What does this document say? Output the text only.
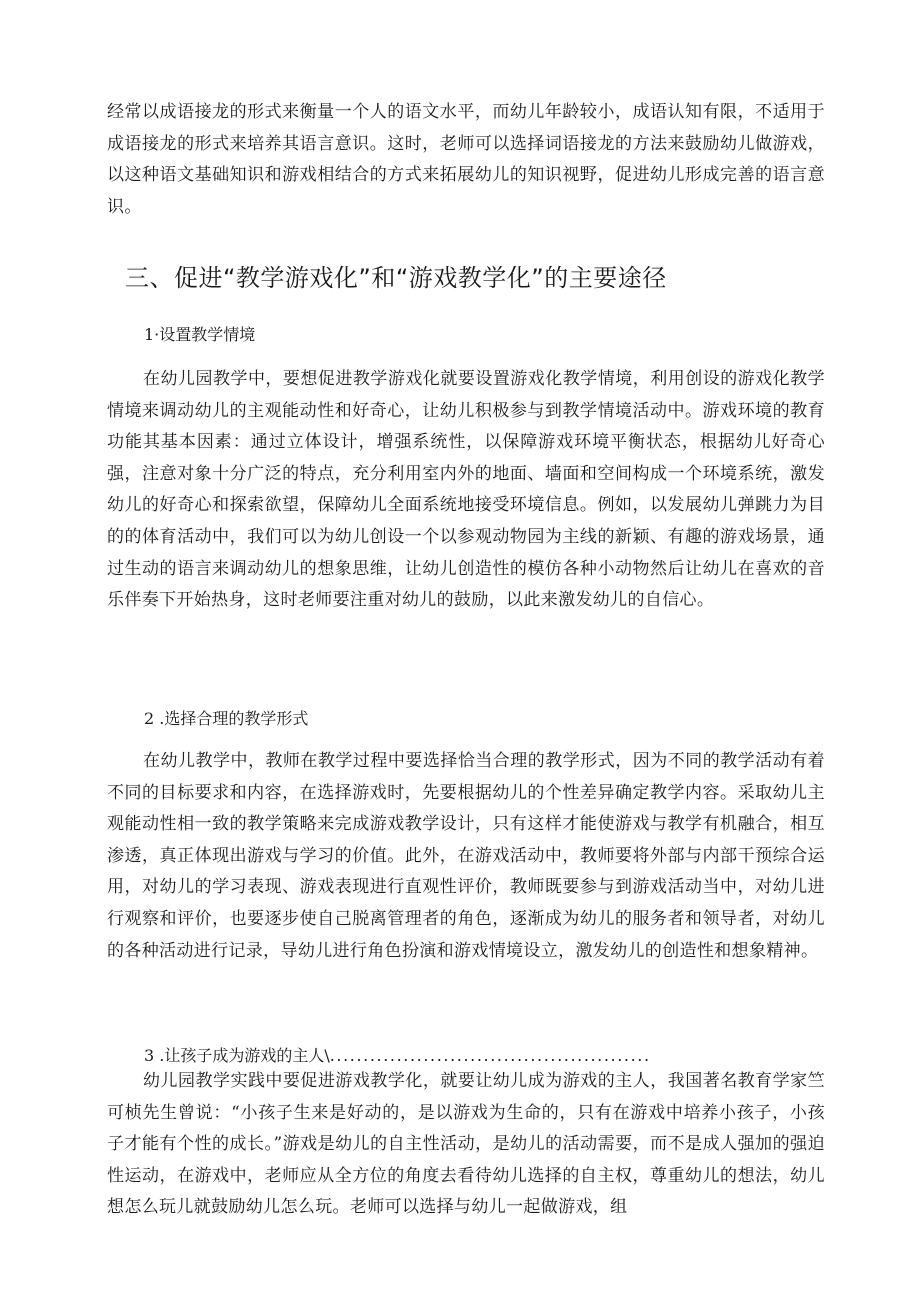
经常以成语接龙的形式来衡量一个人的语文水平，而幼儿年龄较小，成语认知有限，不适用于成语接龙的形式来培养其语言意识。这时，老师可以选择词语接龙的方法来鼓励幼儿做游戏，以这种语文基础知识和游戏相结合的方式来拓展幼儿的知识视野，促进幼儿形成完善的语言意识。

三、促进“教学游戏化”和“游戏教学化”的主要途径

1·设置教学情境

在幼儿园教学中，要想促进教学游戏化就要设置游戏化教学情境，利用创设的游戏化教学情境来调动幼儿的主观能动性和好奇心，让幼儿积极参与到教学情境活动中。游戏环境的教育功能其基本因素：通过立体设计，增强系统性，以保障游戏环境平衡状态，根据幼儿好奇心强，注意对象十分广泛的特点，充分利用室内外的地面、墙面和空间构成一个环境系统，激发幼儿的好奇心和探索欲望，保障幼儿全面系统地接受环境信息。例如，以发展幼儿弹跳力为目的的体育活动中，我们可以为幼儿创设一个以参观动物园为主线的新颖、有趣的游戏场景，通过生动的语言来调动幼儿的想象思维，让幼儿创造性的模仿各种小动物然后让幼儿在喜欢的音乐伴奏下开始热身，这时老师要注重对幼儿的鼓励，以此来激发幼儿的自信心。

2 .选择合理的教学形式

在幼儿教学中，教师在教学过程中要选择恰当合理的教学形式，因为不同的教学活动有着不同的目标要求和内容，在选择游戏时，先要根据幼儿的个性差异确定教学内容。采取幼儿主观能动性相一致的教学策略来完成游戏教学设计，只有这样才能使游戏与教学有机融合，相互渗透，真正体现出游戏与学习的价值。此外，在游戏活动中，教师要将外部与内部干预综合运用，对幼儿的学习表现、游戏表现进行直观性评价，教师既要参与到游戏活动当中，对幼儿进行观察和评价，也要逐步使自己脱离管理者的角色，逐渐成为幼儿的服务者和领导者，对幼儿的各种活动进行记录，导幼儿进行角色扮演和游戏情境设立，激发幼儿的创造性和想象精神。

3 .让孩子成为游戏的主人\................................................

幼儿园教学实践中要促进游戏教学化，就要让幼儿成为游戏的主人，我国著名教育学家竺可桢先生曾说：“小孩子生来是好动的，是以游戏为生命的，只有在游戏中培养小孩子，小孩子才能有个性的成长。”游戏是幼儿的自主性活动，是幼儿的活动需要，而不是成人强加的强迫性运动，在游戏中，老师应从全方位的角度去看待幼儿选择的自主权，尊重幼儿的想法，幼儿想怎么玩儿就鼓励幼儿怎么玩。老师可以选择与幼儿一起做游戏，组
